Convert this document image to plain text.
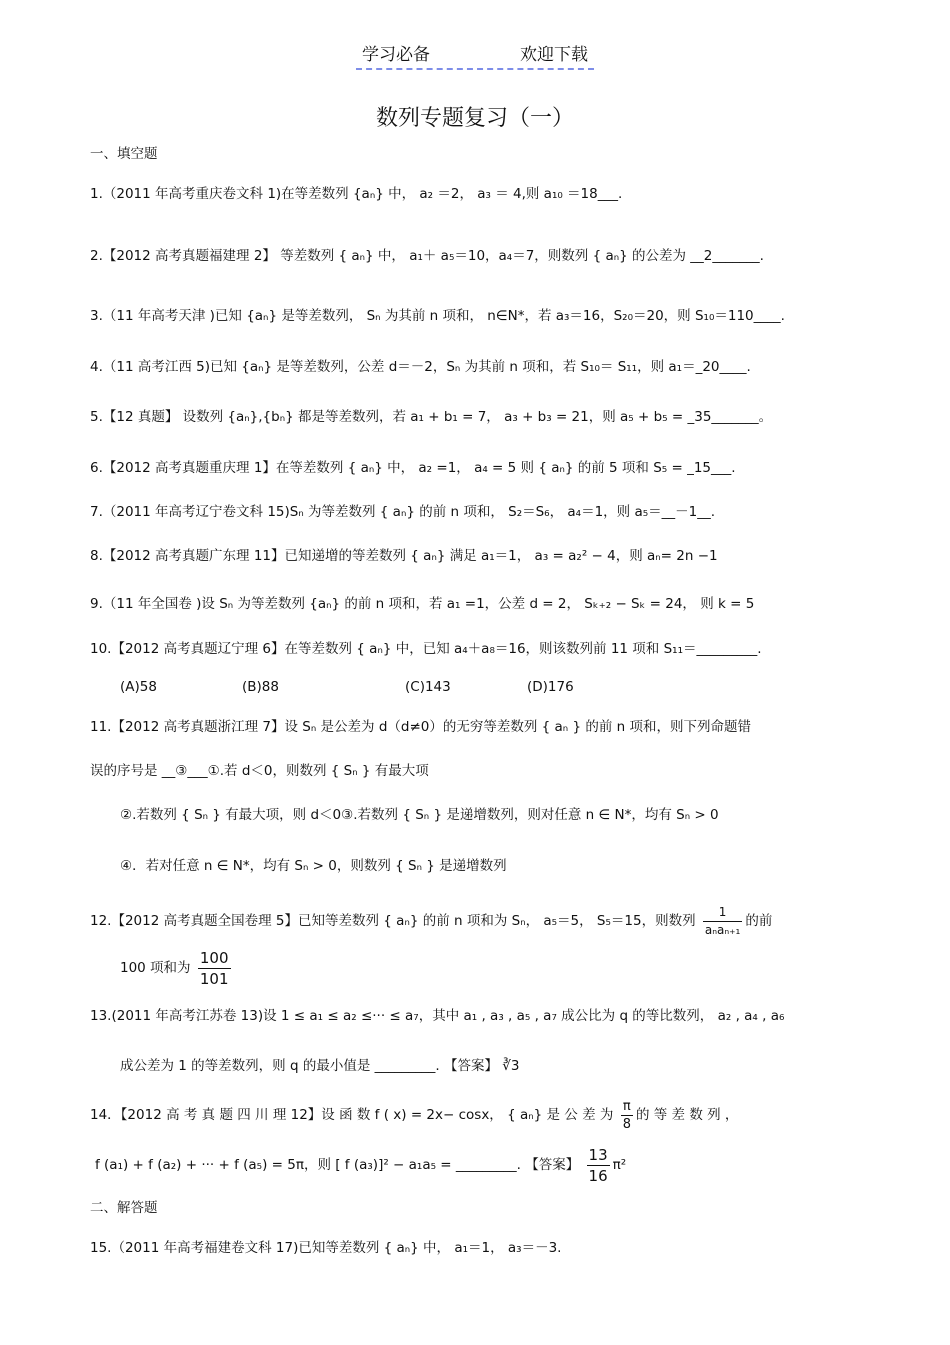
学习必备	欢迎下载
数列专题复习（一）
一、填空题
1.（2011 年高考重庆卷文科 1)在等差数列 {aₙ} 中， a₂ ＝2， a₃ ＝ 4,则 a₁₀ ＝18___.
2.【2012 高考真题福建理 2】 等差数列 { aₙ} 中， a₁＋ a₅＝10，a₄＝7，则数列 { aₙ} 的公差为 __2_______.
3.（11 年高考天津 )已知 {aₙ} 是等差数列， Sₙ 为其前 n 项和， n∈N*，若 a₃＝16，S₂₀＝20，则 S₁₀＝110____.
4.（11 高考江西 5)已知 {aₙ} 是等差数列，公差 d＝－2，Sₙ 为其前 n 项和，若 S₁₀＝ S₁₁，则 a₁＝_20____.
5.【12 真题】 设数列 {aₙ},{bₙ} 都是等差数列，若 a₁ + b₁ = 7， a₃ + b₃ = 21，则 a₅ + b₅ = _35_______。
6.【2012 高考真题重庆理 1】在等差数列 { aₙ} 中， a₂ =1， a₄ = 5 则 { aₙ} 的前 5 项和 S₅ = _15___.
7.（2011 年高考辽宁卷文科 15)Sₙ 为等差数列 { aₙ} 的前 n 项和， S₂＝S₆， a₄＝1，则 a₅＝__－1__.
8.【2012 高考真题广东理 11】已知递增的等差数列 { aₙ} 满足 a₁＝1， a₃ = a₂² − 4，则 aₙ= 2n −1
9.（11 年全国卷 )设 Sₙ 为等差数列 {aₙ} 的前 n 项和，若 a₁ =1，公差 d = 2， Sₖ₊₂ − Sₖ = 24， 则 k = 5
10.【2012 高考真题辽宁理 6】在等差数列 { aₙ} 中，已知 a₄＋a₈＝16，则该数列前 11 项和 S₁₁＝_________.
(A)58	(B)88	(C)143	(D)176
11.【2012 高考真题浙江理 7】设 Sₙ 是公差为 d（d≠0）的无穷等差数列 { aₙ } 的前 n 项和，则下列命题错
误的序号是 __③___①.若 d＜0，则数列 { Sₙ } 有最大项
②.若数列 { Sₙ } 有最大项，则 d＜0③.若数列 { Sₙ } 是递增数列，则对任意 n ∈ N*，均有 Sₙ > 0
④．若对任意 n ∈ N*，均有 Sₙ > 0，则数列 { Sₙ } 是递增数列
12.【2012 高考真题全国卷理 5】已知等差数列 { aₙ} 的前 n 项和为 Sₙ， a₅＝5， S₅＝15，则数列 $\frac{1}{\text{aₙaₙ₊₁}}$ 的前
100 项和为 $\frac{100}{101}$
13.(2011 年高考江苏卷 13)设 1 ≤ a₁ ≤ a₂ ≤··· ≤ a₇，其中 a₁ , a₃ , a₅ , a₇ 成公比为 q 的等比数列， a₂ , a₄ , a₆
成公差为 1 的等差数列，则 q 的最小值是 _________. 【答案】 ∛3
14．【2012 高 考 真 题 四 川 理 12】设 函 数 f ( x) = 2x− cosx， { aₙ} 是 公 差 为 $\frac{\pi}{8}$ 的 等 差 数 列 ，
f (a₁) + f (a₂) + ··· + f (a₅) = 5π，则 [ f (a₃)]² − a₁a₅ = _________. 【答案】 $\frac{13}{16} \pi^2$
二、解答题
15.（2011 年高考福建卷文科 17)已知等差数列 { aₙ} 中， a₁＝1， a₃＝－3.
